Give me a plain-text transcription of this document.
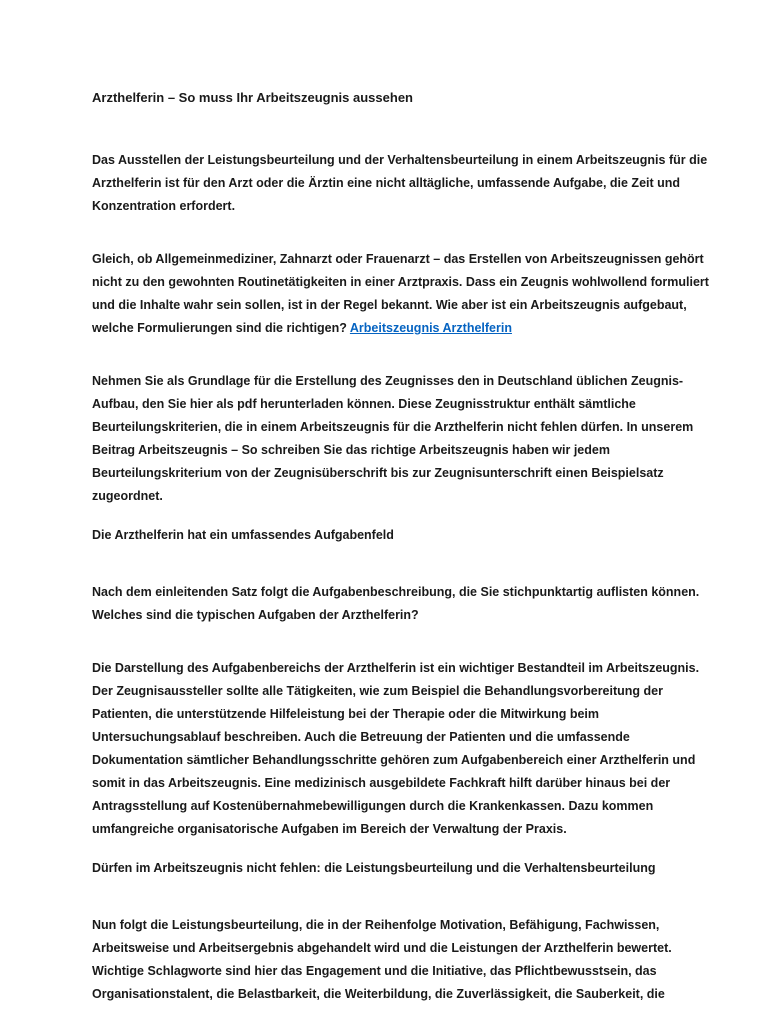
Arzthelferin – So muss Ihr Arbeitszeugnis aussehen

Das Ausstellen der Leistungsbeurteilung und der Verhaltensbeurteilung in einem Arbeitszeugnis für die Arzthelferin ist für den Arzt oder die Ärztin eine nicht alltägliche, umfassende Aufgabe, die Zeit und Konzentration erfordert.

Gleich, ob Allgemeinmediziner, Zahnarzt oder Frauenarzt – das Erstellen von Arbeitszeugnissen gehört nicht zu den gewohnten Routinetätigkeiten in einer Arztpraxis. Dass ein Zeugnis wohlwollend formuliert und die Inhalte wahr sein sollen, ist in der Regel bekannt. Wie aber ist ein Arbeitszeugnis aufgebaut, welche Formulierungen sind die richtigen? Arbeitszeugnis Arzthelferin

Nehmen Sie als Grundlage für die Erstellung des Zeugnisses den in Deutschland üblichen Zeugnis-Aufbau, den Sie hier als pdf herunterladen können. Diese Zeugnisstruktur enthält sämtliche Beurteilungskriterien, die in einem Arbeitszeugnis für die Arzthelferin nicht fehlen dürfen. In unserem Beitrag Arbeitszeugnis – So schreiben Sie das richtige Arbeitszeugnis haben wir jedem Beurteilungskriterium von der Zeugnisüberschrift bis zur Zeugnisunterschrift einen Beispielsatz zugeordnet.

Die Arzthelferin hat ein umfassendes Aufgabenfeld

Nach dem einleitenden Satz folgt die Aufgabenbeschreibung, die Sie stichpunktartig auflisten können. Welches sind die typischen Aufgaben der Arzthelferin?

Die Darstellung des Aufgabenbereichs der Arzthelferin ist ein wichtiger Bestandteil im Arbeitszeugnis. Der Zeugnisaussteller sollte alle Tätigkeiten, wie zum Beispiel die Behandlungsvorbereitung der Patienten, die unterstützende Hilfeleistung bei der Therapie oder die Mitwirkung beim Untersuchungsablauf beschreiben. Auch die Betreuung der Patienten und die umfassende Dokumentation sämtlicher Behandlungsschritte gehören zum Aufgabenbereich einer Arzthelferin und somit in das Arbeitszeugnis. Eine medizinisch ausgebildete Fachkraft hilft darüber hinaus bei der Antragsstellung auf Kostenübernahmebewilligungen durch die Krankenkassen. Dazu kommen umfangreiche organisatorische Aufgaben im Bereich der Verwaltung der Praxis.

Dürfen im Arbeitszeugnis nicht fehlen: die Leistungsbeurteilung und die Verhaltensbeurteilung

Nun folgt die Leistungsbeurteilung, die in der Reihenfolge Motivation, Befähigung, Fachwissen, Arbeitsweise und Arbeitsergebnis abgehandelt wird und die Leistungen der Arzthelferin bewertet. Wichtige Schlagworte sind hier das Engagement und die Initiative, das Pflichtbewusstsein, das Organisationstalent, die Belastbarkeit, die Weiterbildung, die Zuverlässigkeit, die Sauberkeit, die
